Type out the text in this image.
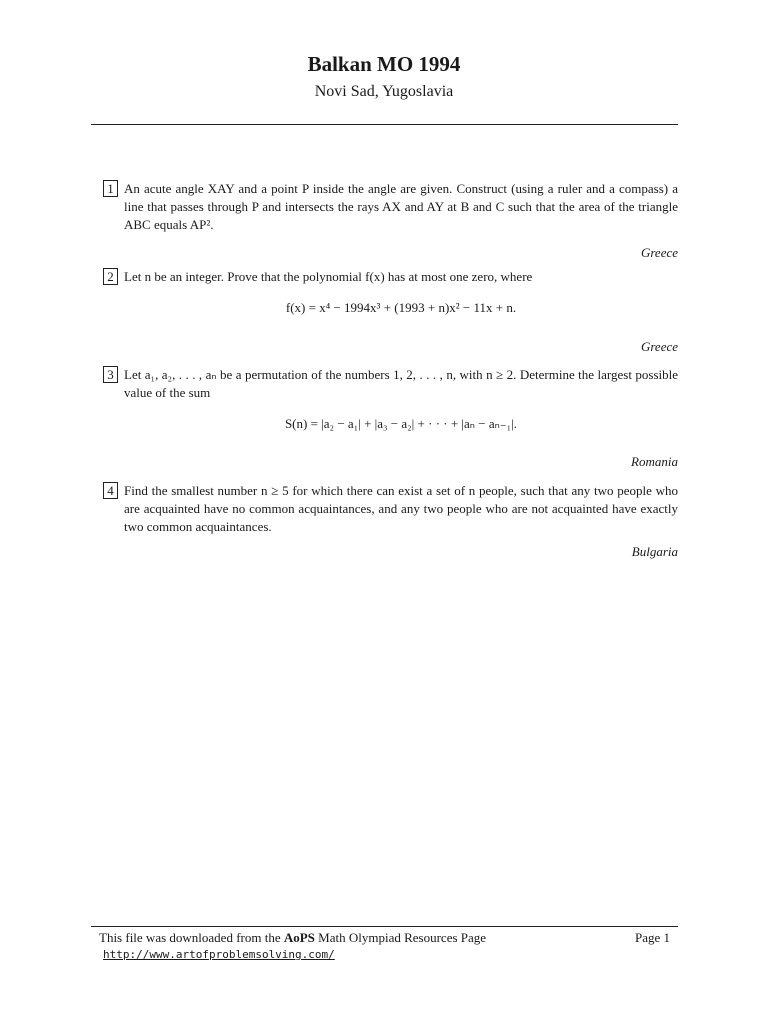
Balkan MO 1994
Novi Sad, Yugoslavia
1 An acute angle XAY and a point P inside the angle are given. Construct (using a ruler and a compass) a line that passes through P and intersects the rays AX and AY at B and C such that the area of the triangle ABC equals AP².
Greece
2 Let n be an integer. Prove that the polynomial f(x) has at most one zero, where
f(x) = x⁴ − 1994x³ + (1993 + n)x² − 11x + n.
Greece
3 Let a₁, a₂, . . . , aₙ be a permutation of the numbers 1, 2, . . . , n, with n ≥ 2. Determine the largest possible value of the sum
S(n) = |a₂ − a₁| + |a₃ − a₂| + · · · + |aₙ − aₙ₋₁|.
Romania
4 Find the smallest number n ≥ 5 for which there can exist a set of n people, such that any two people who are acquainted have no common acquaintances, and any two people who are not acquainted have exactly two common acquaintances.
Bulgaria
This file was downloaded from the AoPS Math Olympiad Resources Page
http://www.artofproblemsolving.com/
Page 1
